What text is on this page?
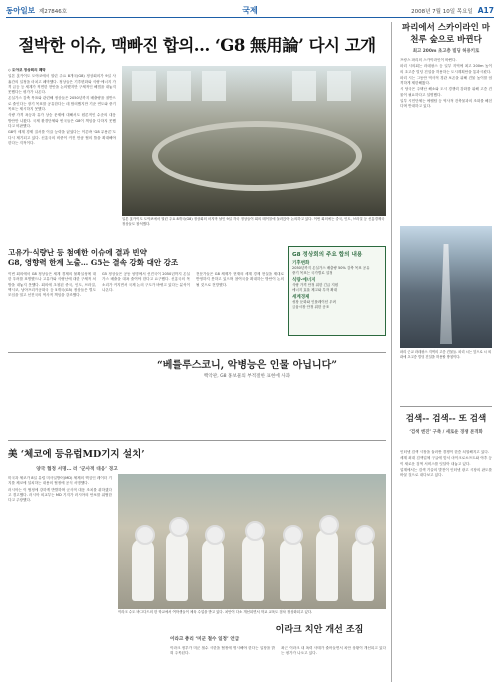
동아일보 제27846호	국제	2008년 7월 10일 목요일 A17
절박한 이슈, 맥빠진 합의… ‘G8 無用論’ 다시 고개

◇ 도야코 정상회의 폐막

일본 홋카이도 도야코에서 열린 주요 8개국(G8) 정상회의가 9일 사흘간의 일정을 마치고 폐막했다. 정상들은 기후변화와 식량·에너지 가격 급등 등 세계가 직면한 현안을 논의했지만 구체적인 해법을 내놓지 못했다는 평가가 나온다.

온실가스 감축 목표와 관련해 정상들은 2050년까지 배출량을 절반으로 줄인다는 장기 목표를 공유한다는 데 합의했지만 기준 연도와 중기 목표는 제시하지 못했다.

식량 가격 폭등과 유가 상승 문제에 대해서도 원론적인 수준의 대응 방안만 나왔다. 국제 환경단체와 빈국들은 G8이 책임을 다하지 못했다고 비판했다.

G8이 세계 경제 질서를 이끌 능력을 잃었다는 이른바 ‘G8 무용론’도 다시 제기되고 있다. 신흥국의 비중이 커진 만큼 협의 틀을 확대해야 한다는 지적이다.

일본 홋카이도 도야코에서 열린 주요 8개국(G8) 정상회의 마지막 날인 9일 각국 정상들이 회의 테이블에 둘러앉아 논의하고 있다. 이번 회의에는 중국, 인도, 브라질 등 신흥경제국 정상들도 참석했다.
고유가·식량난 등 첨예한 이슈에 결과 빈약
G8, 영향력 한계 노출… G5는 결속 강화 대안 강조

이번 회의에서 G8 정상들은 세계 경제의 불확실성에 대한 우려를 표명했으나 고유가와 식량난에 대한 구체적 처방을 내놓지 못했다. 회의에 초청된 중국, 인도, 브라질, 멕시코, 남아프리카공화국 등 5개국(G5) 정상들은 별도 모임을 열고 선진국의 역사적 책임을 강조했다.

G5 정상들은 공동 성명에서 선진국이 2050년까지 온실가스 배출을 대폭 줄여야 한다고 요구했다. 신흥국의 목소리가 커지면서 국제 논의 구도가 바뀌고 있다는 분석이 나온다.

전문가들은 G8 체제가 현재의 세계 경제 현실을 제대로 반영하지 못하고 있으며 참여국을 확대하는 방안이 논의될 것으로 전망했다.

G8 정상회의 주요 합의 내용
기후변화
2050년까지 온실가스 배출량 50% 감축 목표 공유
중기 목표는 국가별로 설정
식량·에너지
식량 가격 안정 위한 긴급 지원
에너지 효율 제고와 투자 확대
세계경제
성장 둔화와 인플레이션 우려
금융시장 안정 위한 공조
“베를루스코니, 악병능은 인물 아닙니다”
백악관, G8 홍보물의 부적절한 표현에 사과
美 ‘체코에 등유럽MD기지 설치’
양국 협정 서명… 러 ‘군사적 대응’ 경고

미국과 체코가 8일 유럽 미사일방어(MD) 체제의 핵심인 레이더 기지를 체코에 설치하는 내용의 협정에 공식 서명했다.

러시아는 이 협정에 강하게 반발하며 군사적 대응 조치를 취하겠다고 경고했다. 러시아 외교부는 MD 기지가 러시아의 안보를 위협한다고 주장했다.

이라크 수도 바그다드의 한 학교에서 여학생들이 체육 수업을 받고 있다. 치안이 다소 개선되면서 학교 교육도 점차 정상화되고 있다.
이라크 치안 개선 조짐
이라크 총리 ‘미군 철수 일정’ 언급

이라크 정부가 미군 철수 시한을 협정에 명시해야 한다는 입장을 밝혀 주목된다.

최근 이라크 내 폭력 사태가 줄어들면서 치안 상황이 개선되고 있다는 평가가 나오고 있다.

파리에서 스카이라인 마천루 숲으로 바뀐다
최고 200m 초고층 빌딩 허용키로

프랑스 파리의 스카이라인이 바뀐다.

파리 시의회는 라데팡스 등 일부 지역에 최고 200m 높이의 초고층 빌딩 건설을 허용하는 도시계획안을 통과시켰다.

파리 시는 그동안 역사적 경관 보존을 위해 건물 높이를 엄격하게 제한해왔다.

시 당국은 주택난 해소와 도시 경쟁력 강화를 위해 고층 건물이 필요하다고 설명했다.

일부 시민단체는 에펠탑 등 역사적 건축물과의 조화를 해친다며 반대하고 있다.

파리 근교 라데팡스 지역의 고층 건물들. 파리 시는 앞으로 시 외곽에 초고층 빌딩 건설을 허용할 방침이다.
검색-- 검색-- 또 검색
‘검색 엔진’ 구축 / 새로운 경쟁 본격화

인터넷 검색 시장을 둘러싼 경쟁이 한층 치열해지고 있다.

세계 최대 검색업체 구글에 맞서 마이크로소프트와 야후 등이 새로운 검색 서비스를 잇달아 내놓고 있다.

업계에서는 검색 기술의 발전이 인터넷 광고 시장의 판도를 바꿀 것으로 내다보고 있다.
